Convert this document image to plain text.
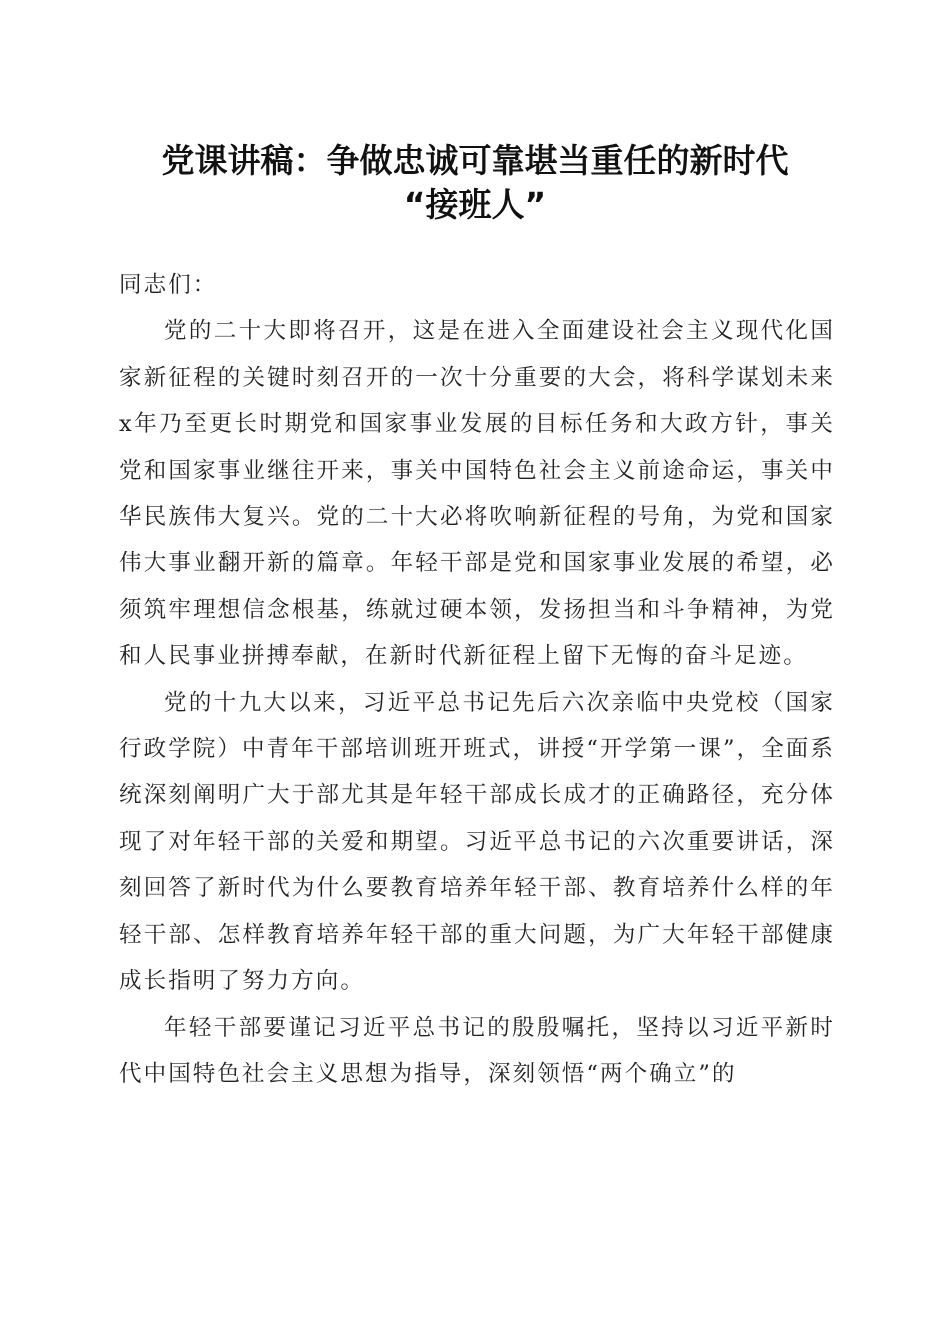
党课讲稿：争做忠诚可靠堪当重任的新时代
“接班人”

同志们：

党的二十大即将召开，这是在进入全面建设社会主义现代化国家新征程的关键时刻召开的一次十分重要的大会，将科学谋划未来x年乃至更长时期党和国家事业发展的目标任务和大政方针，事关党和国家事业继往开来，事关中国特色社会主义前途命运，事关中华民族伟大复兴。党的二十大必将吹响新征程的号角，为党和国家伟大事业翻开新的篇章。年轻干部是党和国家事业发展的希望，必须筑牢理想信念根基，练就过硬本领，发扬担当和斗争精神，为党和人民事业拼搏奉献，在新时代新征程上留下无悔的奋斗足迹。

党的十九大以来，习近平总书记先后六次亲临中央党校（国家行政学院）中青年干部培训班开班式，讲授“开学第一课”，全面系统深刻阐明广大于部尤其是年轻干部成长成才的正确路径，充分体现了对年轻干部的关爱和期望。习近平总书记的六次重要讲话，深刻回答了新时代为什么要教育培养年轻干部、教育培养什么样的年轻干部、怎样教育培养年轻干部的重大问题，为广大年轻干部健康成长指明了努力方向。

年轻干部要谨记习近平总书记的殷殷嘱托，坚持以习近平新时代中国特色社会主义思想为指导，深刻领悟“两个确立”的
